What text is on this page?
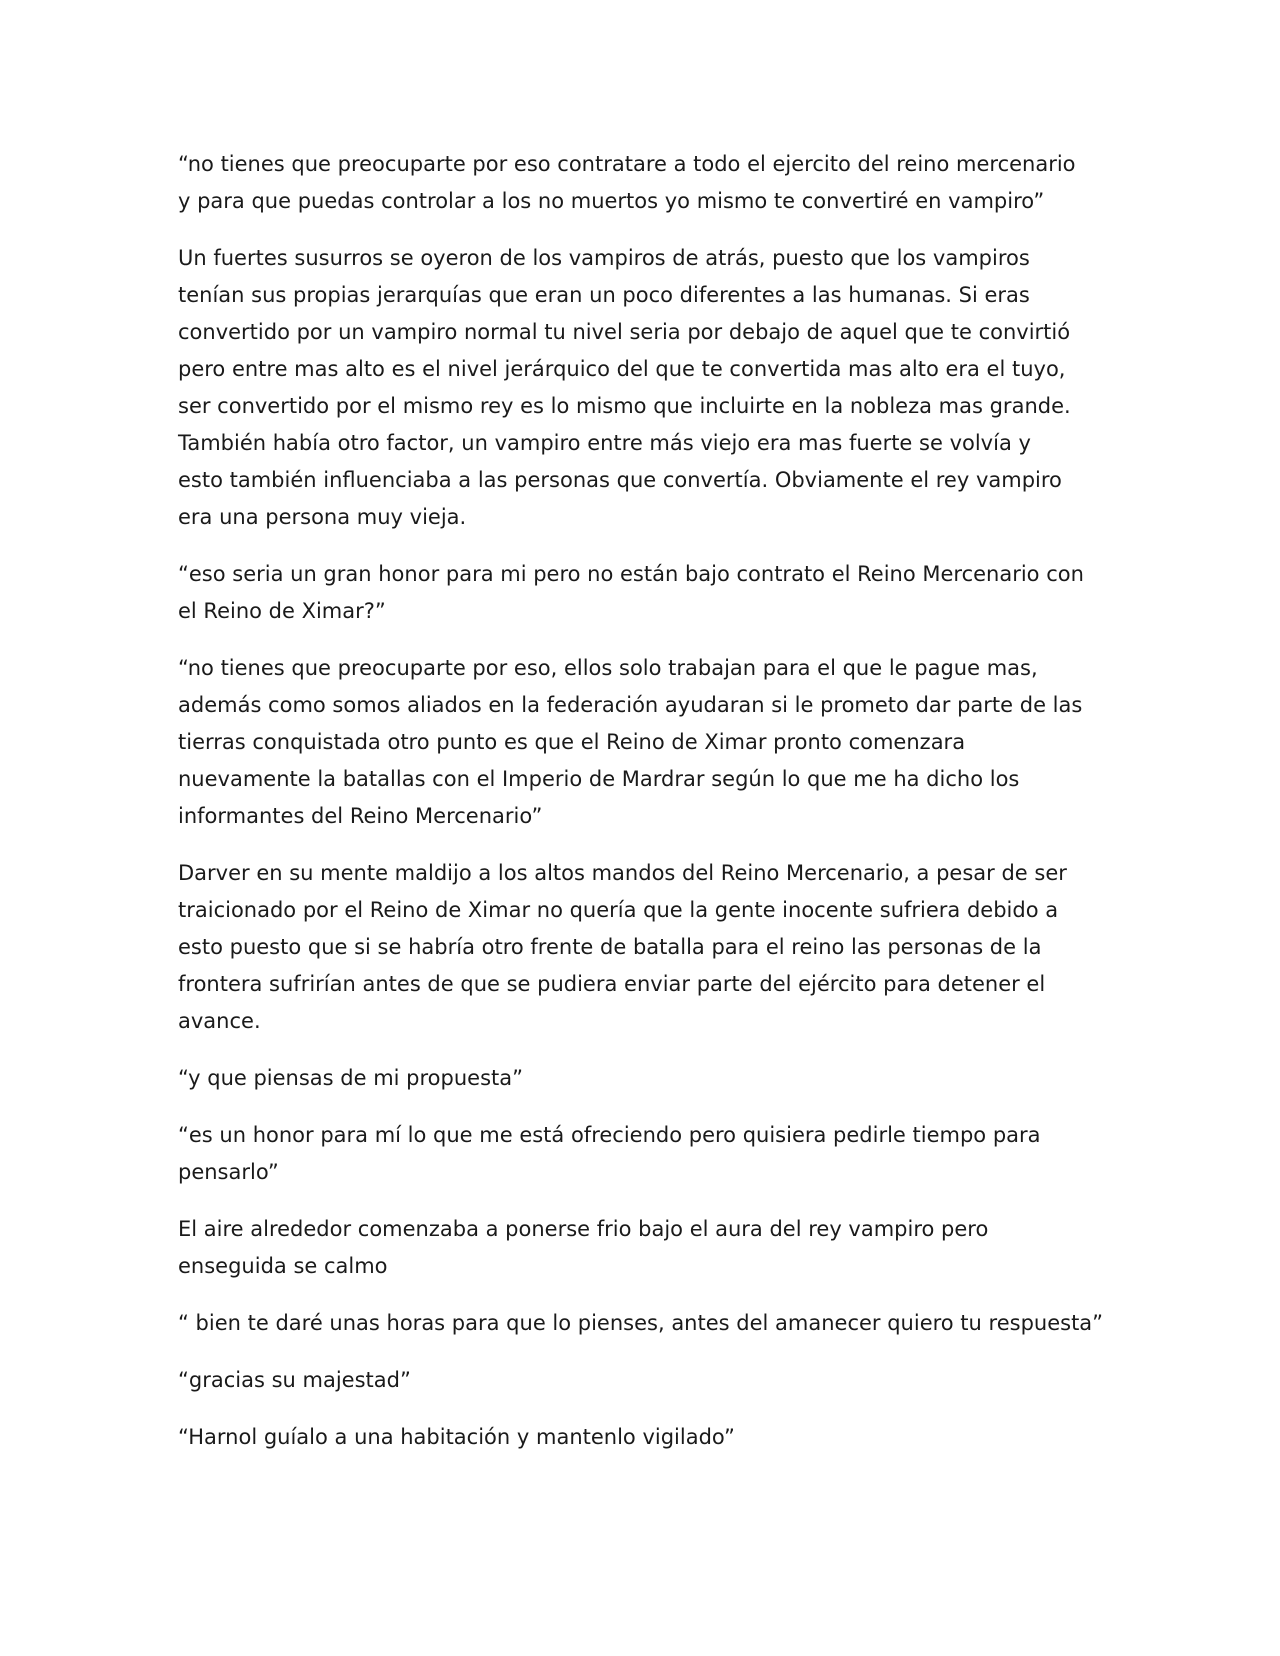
“no tienes que preocuparte por eso contratare a todo el ejercito del reino mercenario
y para que puedas controlar a los no muertos yo mismo te convertiré en vampiro”

Un fuertes susurros se oyeron de los vampiros de atrás, puesto que los vampiros
tenían sus propias jerarquías que eran un poco diferentes a las humanas. Si eras
convertido por un vampiro normal tu nivel seria por debajo de aquel que te convirtió
pero entre mas alto es el nivel jerárquico del que te convertida mas alto era el tuyo,
ser convertido por el mismo rey es lo mismo que incluirte en la nobleza mas grande.
También había otro factor, un vampiro entre más viejo era mas fuerte se volvía y
esto también influenciaba a las personas que convertía. Obviamente el rey vampiro
era una persona muy vieja.

“eso seria un gran honor para mi pero no están bajo contrato el Reino Mercenario con
el Reino de Ximar?”

“no tienes que preocuparte por eso, ellos solo trabajan para el que le pague mas,
además como somos aliados en la federación ayudaran si le prometo dar parte de las
tierras conquistada otro punto es que el Reino de Ximar pronto comenzara
nuevamente la batallas con el Imperio de Mardrar según lo que me ha dicho los
informantes del Reino Mercenario”

Darver en su mente maldijo a los altos mandos del Reino Mercenario, a pesar de ser
traicionado por el Reino de Ximar no quería que la gente inocente sufriera debido a
esto puesto que si se habría otro frente de batalla para el reino las personas de la
frontera sufrirían antes de que se pudiera enviar parte del ejército para detener el
avance.

“y que piensas de mi propuesta”

“es un honor para mí lo que me está ofreciendo pero quisiera pedirle tiempo para
pensarlo”

El aire alrededor comenzaba a ponerse frio bajo el aura del rey vampiro pero
enseguida se calmo

“ bien te daré unas horas para que lo pienses, antes del amanecer quiero tu respuesta”

“gracias su majestad”

“Harnol guíalo a una habitación y mantenlo vigilado”
